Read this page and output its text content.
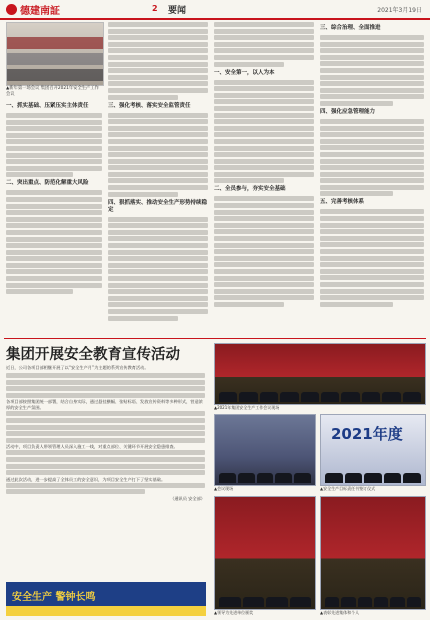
德建南証	2 要闻	2021年3月19日
▲新年第一场会议 集团召开2021年安全生产工作会议
一、抓实基础、压紧压实主体责任
二、突出重点、防范化解重大风险
三、强化考核、落实安全监管责任
四、狠抓落实、推动安全生产形势持续稳定
一、安全第一，以人为本
二、全员参与，夯实安全基础
三、综合治理、全面推进
四、强化应急管理能力
五、完善考核体系
集团开展安全教育宣传活动
近日，公司各项目部相继开展了以“安全生产月”为主题的系列宣传教育活动。
各项目部按照集团统一部署，结合自身实际，通过悬挂横幅、张贴标语、发放宣传资料等多种形式，营造浓厚的安全生产氛围。
活动中，项目负责人带领管理人员深入施工一线，对重点部位、关键环节开展安全隐患排查。
通过此次活动，进一步提高了全体员工的安全意识，为项目安全生产打下了坚实基础。
（通讯员 安全部）
安全生产 警钟长鸣
▲2021年集团安全生产工作会议现场
▲会议现场
2021年度
▲安全生产目标责任书签订仪式
▲领导为先进单位颁奖	▲表彰先进集体和个人
